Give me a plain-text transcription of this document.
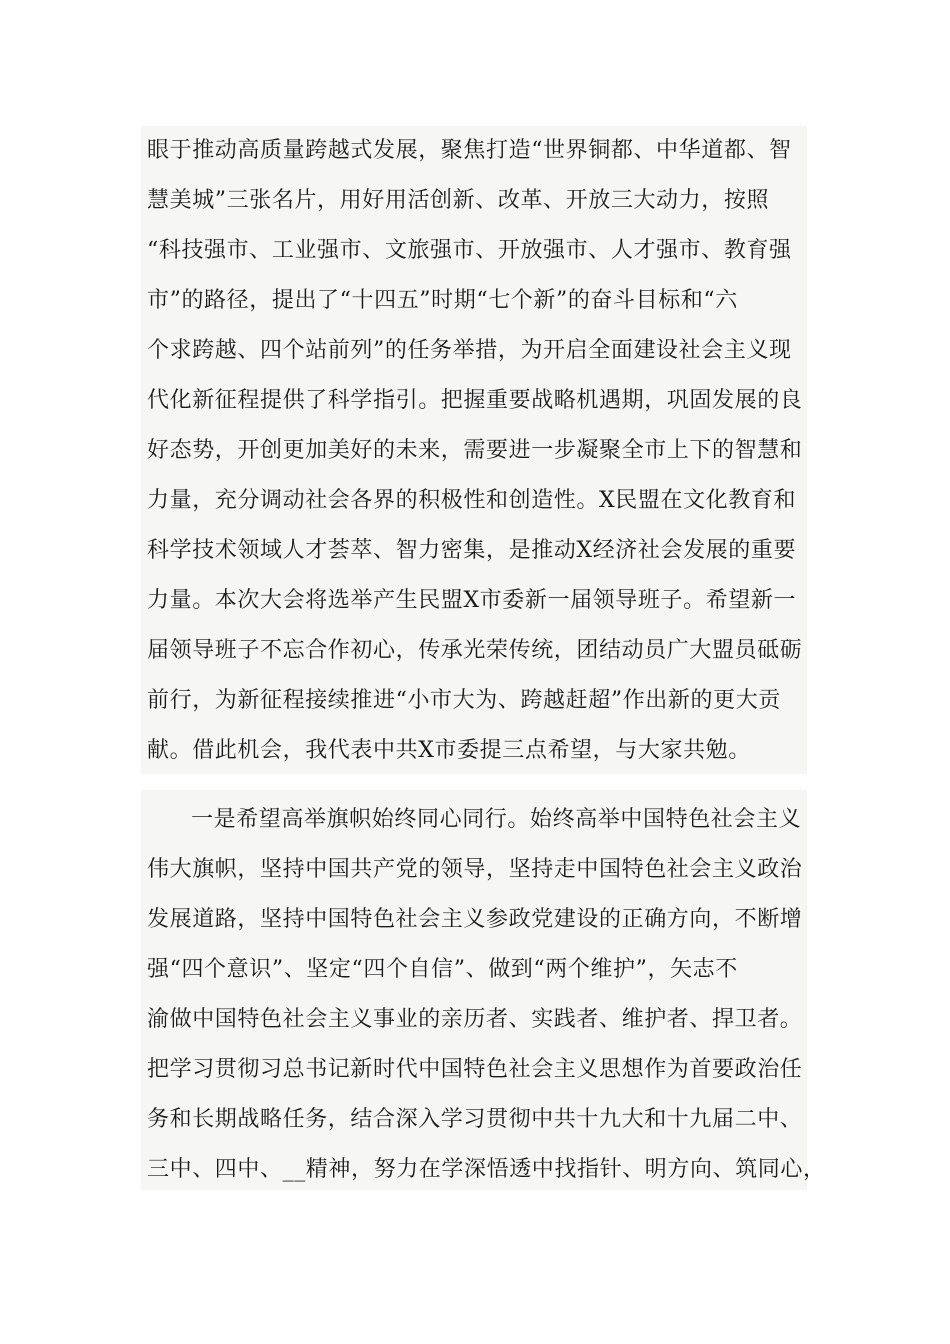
眼于推动高质量跨越式发展，聚焦打造“世界铜都、中华道都、智
慧美城”三张名片，用好用活创新、改革、开放三大动力，按照
“科技强市、工业强市、文旅强市、开放强市、人才强市、教育强
市”的路径，提出了“十四五”时期“七个新”的奋斗目标和“六
个求跨越、四个站前列”的任务举措，为开启全面建设社会主义现
代化新征程提供了科学指引。把握重要战略机遇期，巩固发展的良
好态势，开创更加美好的未来，需要进一步凝聚全市上下的智慧和
力量，充分调动社会各界的积极性和创造性。X民盟在文化教育和
科学技术领域人才荟萃、智力密集，是推动X经济社会发展的重要
力量。本次大会将选举产生民盟X市委新一届领导班子。希望新一
届领导班子不忘合作初心，传承光荣传统，团结动员广大盟员砥砺
前行，为新征程接续推进“小市大为、跨越赶超”作出新的更大贡
献。借此机会，我代表中共X市委提三点希望，与大家共勉。
一是希望高举旗帜始终同心同行。始终高举中国特色社会主义
伟大旗帜，坚持中国共产党的领导，坚持走中国特色社会主义政治
发展道路，坚持中国特色社会主义参政党建设的正确方向，不断增
强“四个意识”、坚定“四个自信”、做到“两个维护”，矢志不
渝做中国特色社会主义事业的亲历者、实践者、维护者、捍卫者。
把学习贯彻习总书记新时代中国特色社会主义思想作为首要政治任
务和长期战略任务，结合深入学习贯彻中共十九大和十九届二中、
三中、四中、__精神，努力在学深悟透中找指针、明方向、筑同心，
